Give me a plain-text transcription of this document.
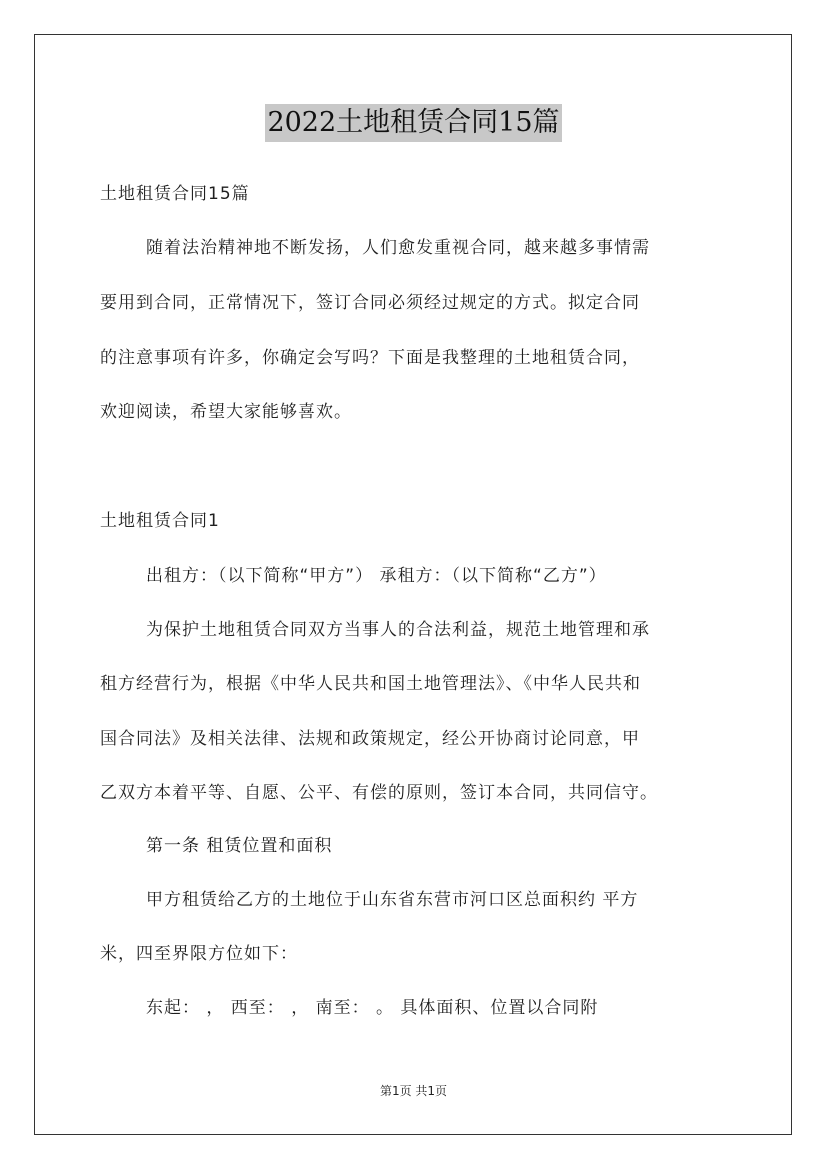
2022土地租赁合同15篇
土地租赁合同15篇
随着法治精神地不断发扬，人们愈发重视合同，越来越多事情需
要用到合同，正常情况下，签订合同必须经过规定的方式。拟定合同
的注意事项有许多，你确定会写吗？下面是我整理的土地租赁合同，
欢迎阅读，希望大家能够喜欢。
土地租赁合同1
出租方：（以下简称“甲方”） 承租方：（以下简称“乙方”）
为保护土地租赁合同双方当事人的合法利益，规范土地管理和承
租方经营行为，根据《中华人民共和国土地管理法》、《中华人民共和
国合同法》及相关法律、法规和政策规定，经公开协商讨论同意，甲
乙双方本着平等、自愿、公平、有偿的原则，签订本合同，共同信守。
第一条 租赁位置和面积
甲方租赁给乙方的土地位于山东省东营市河口区总面积约 平方
米，四至界限方位如下：
东起： ， 西至： ， 南至： 。 具体面积、位置以合同附
第1页 共1页
